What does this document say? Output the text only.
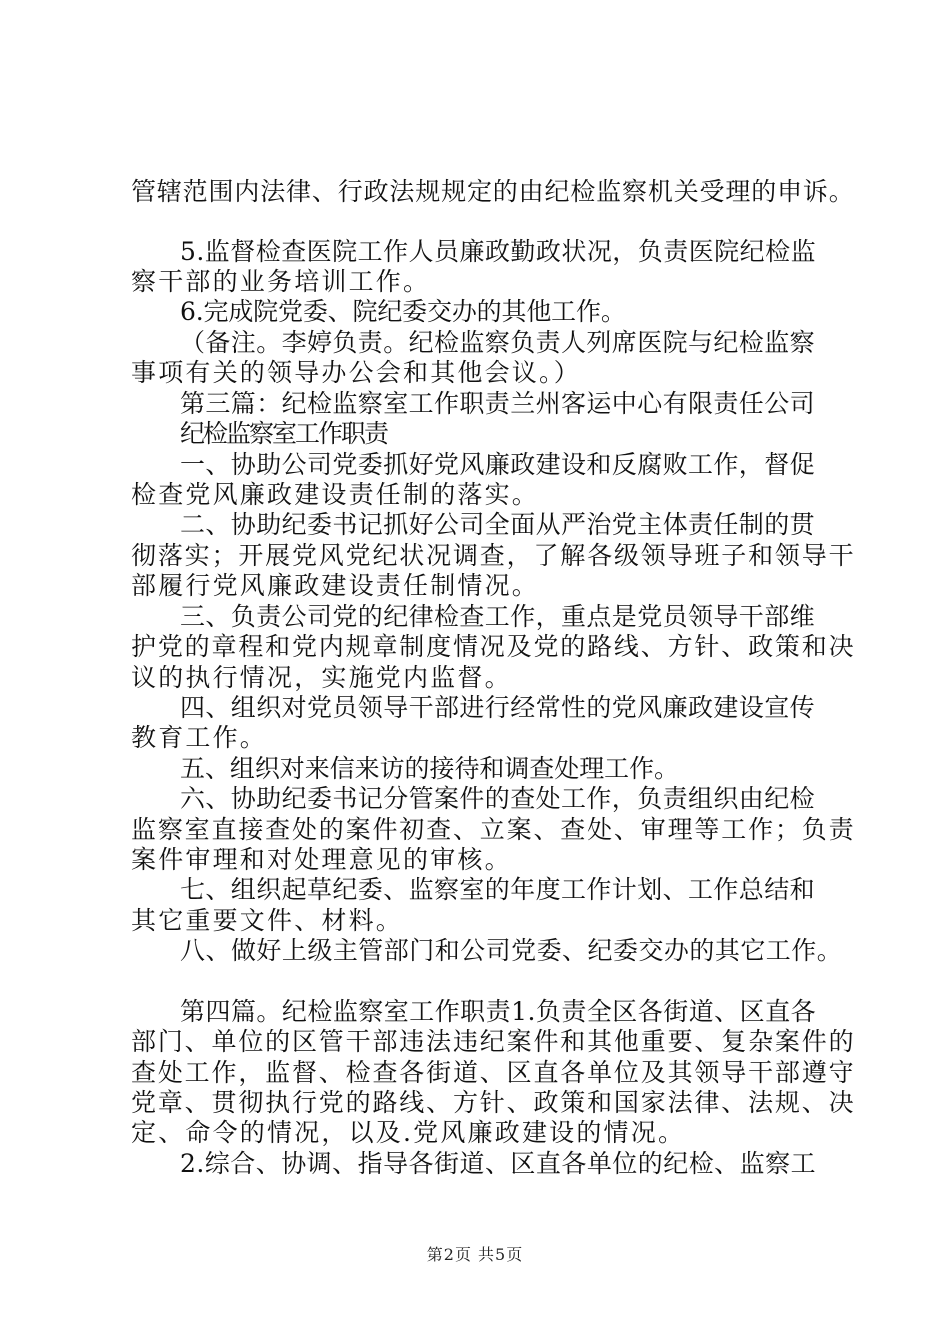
管辖范围内法律、行政法规规定的由纪检监察机关受理的申诉。
5.监督检查医院工作人员廉政勤政状况，负责医院纪检监
察干部的业务培训工作。
6.完成院党委、院纪委交办的其他工作。
（备注。李婷负责。纪检监察负责人列席医院与纪检监察
事项有关的领导办公会和其他会议。）
第三篇：纪检监察室工作职责兰州客运中心有限责任公司
纪检监察室工作职责
一、协助公司党委抓好党风廉政建设和反腐败工作，督促
检查党风廉政建设责任制的落实。
二、协助纪委书记抓好公司全面从严治党主体责任制的贯
彻落实；开展党风党纪状况调查，了解各级领导班子和领导干
部履行党风廉政建设责任制情况。
三、负责公司党的纪律检查工作，重点是党员领导干部维
护党的章程和党内规章制度情况及党的路线、方针、政策和决
议的执行情况，实施党内监督。
四、组织对党员领导干部进行经常性的党风廉政建设宣传
教育工作。
五、组织对来信来访的接待和调查处理工作。
六、协助纪委书记分管案件的查处工作，负责组织由纪检
监察室直接查处的案件初查、立案、查处、审理等工作；负责
案件审理和对处理意见的审核。
七、组织起草纪委、监察室的年度工作计划、工作总结和
其它重要文件、材料。
八、做好上级主管部门和公司党委、纪委交办的其它工作。
第四篇。纪检监察室工作职责1.负责全区各街道、区直各
部门、单位的区管干部违法违纪案件和其他重要、复杂案件的
查处工作，监督、检查各街道、区直各单位及其领导干部遵守
党章、贯彻执行党的路线、方针、政策和国家法律、法规、决
定、命令的情况，以及.党风廉政建设的情况。
2.综合、协调、指导各街道、区直各单位的纪检、监察工
第2页 共5页
